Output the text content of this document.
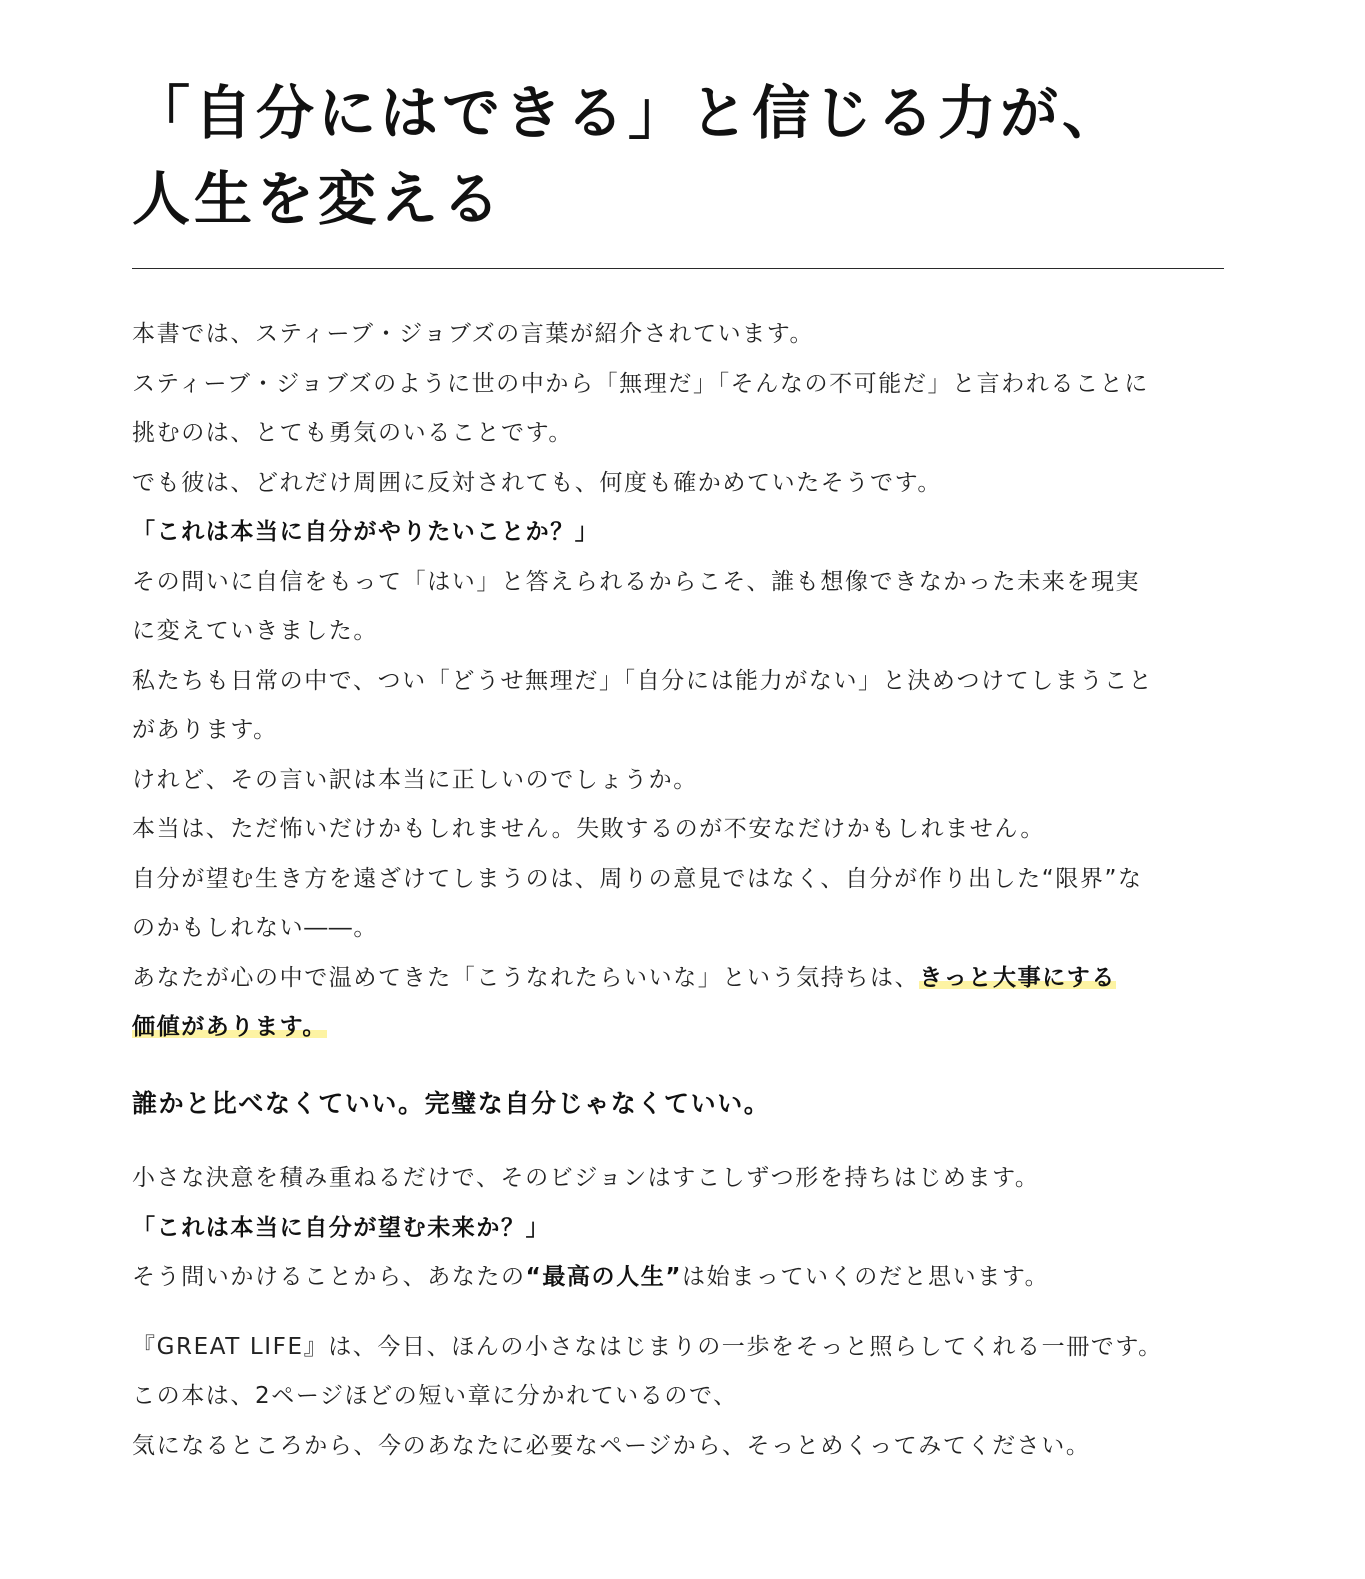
「自分にはできる」と信じる力が、
人生を変える

本書では、スティーブ・ジョブズの言葉が紹介されています。
スティーブ・ジョブズのように世の中から「無理だ」「そんなの不可能だ」と言われることに
挑むのは、とても勇気のいることです。
でも彼は、どれだけ周囲に反対されても、何度も確かめていたそうです。
「これは本当に自分がやりたいことか？」
その問いに自信をもって「はい」と答えられるからこそ、誰も想像できなかった未来を現実
に変えていきました。
私たちも日常の中で、つい「どうせ無理だ」「自分には能力がない」と決めつけてしまうこと
があります。
けれど、その言い訳は本当に正しいのでしょうか。
本当は、ただ怖いだけかもしれません。失敗するのが不安なだけかもしれません。
自分が望む生き方を遠ざけてしまうのは、周りの意見ではなく、自分が作り出した“限界”な
のかもしれない――。
あなたが心の中で温めてきた「こうなれたらいいな」という気持ちは、きっと大事にする
価値があります。

誰かと比べなくていい。完璧な自分じゃなくていい。

小さな決意を積み重ねるだけで、そのビジョンはすこしずつ形を持ちはじめます。
「これは本当に自分が望む未来か？」
そう問いかけることから、あなたの“最高の人生”は始まっていくのだと思います。

『GREAT LIFE』は、今日、ほんの小さなはじまりの一歩をそっと照らしてくれる一冊です。
この本は、2ページほどの短い章に分かれているので、
気になるところから、今のあなたに必要なページから、そっとめくってみてください。
